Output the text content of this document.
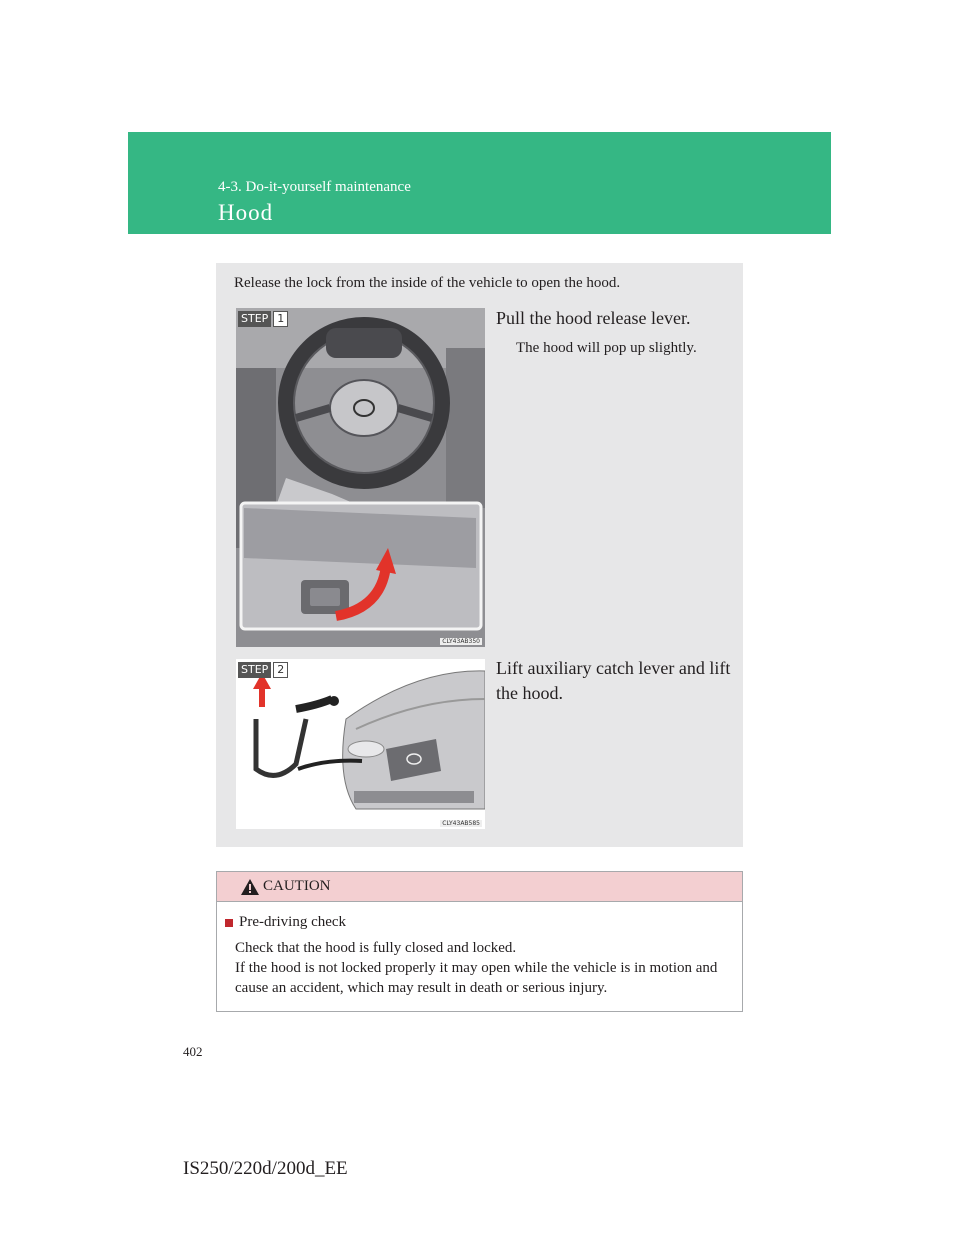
4-3. Do-it-yourself maintenance
Hood
Release the lock from the inside of the vehicle to open the hood.
STEP 1
CLY43AB350
Pull the hood release lever.
The hood will pop up slightly.
STEP 2
CLY43AB585
Lift auxiliary catch lever and lift the hood.
CAUTION
Pre-driving check
Check that the hood is fully closed and locked.
If the hood is not locked properly it may open while the vehicle is in motion and cause an accident, which may result in death or serious injury.
402
IS250/220d/200d_EE
